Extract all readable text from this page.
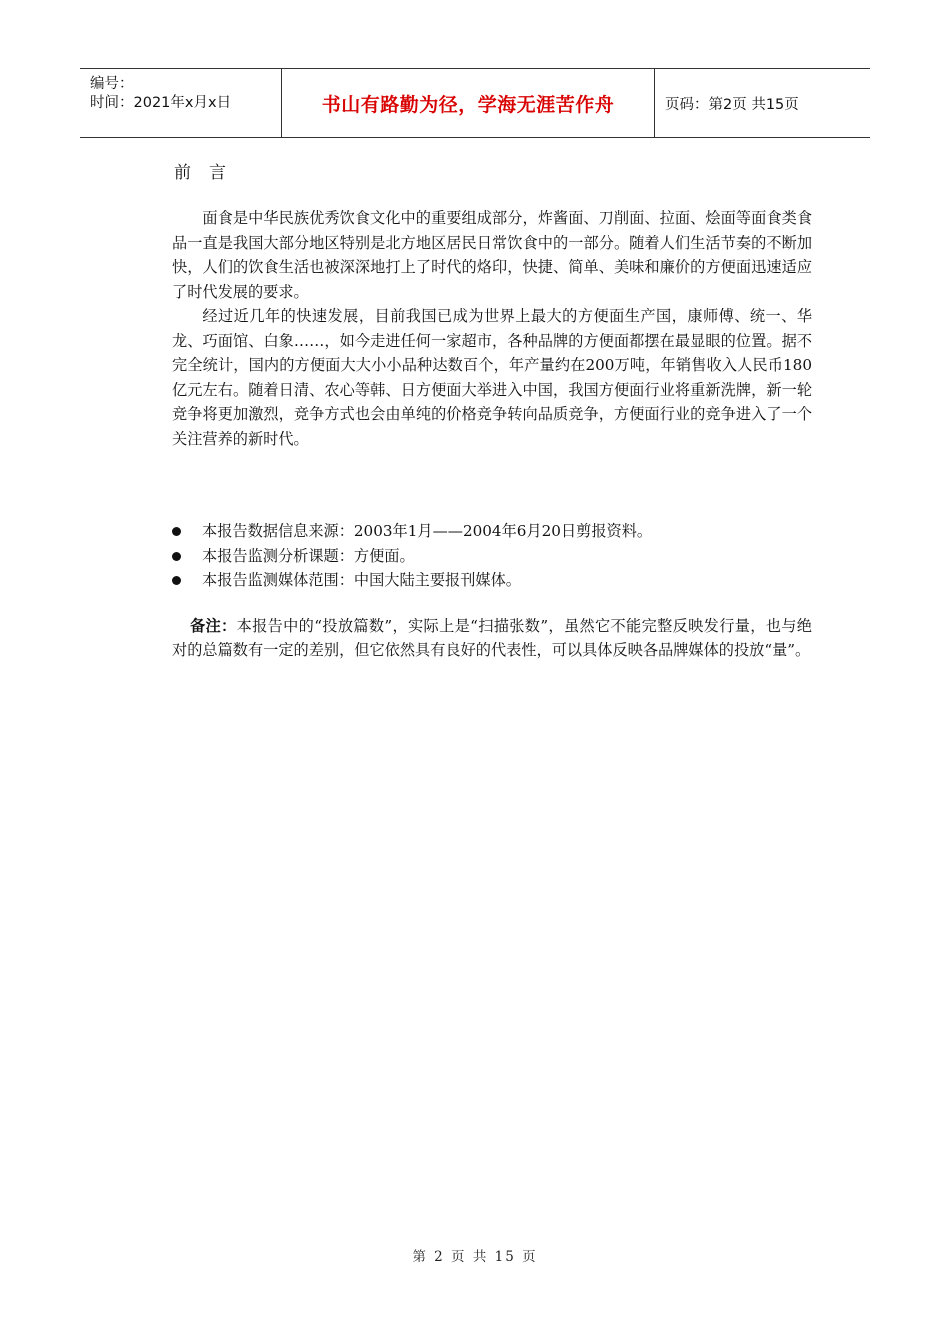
编号：
时间：2021年x月x日	书山有路勤为径，学海无涯苦作舟	页码：第2页 共15页
前言

面食是中华民族优秀饮食文化中的重要组成部分，炸酱面、刀削面、拉面、烩面等面食类食品一直是我国大部分地区特别是北方地区居民日常饮食中的一部分。随着人们生活节奏的不断加快，人们的饮食生活也被深深地打上了时代的烙印，快捷、简单、美味和廉价的方便面迅速适应了时代发展的要求。

经过近几年的快速发展，目前我国已成为世界上最大的方便面生产国，康师傅、统一、华龙、巧面馆、白象……，如今走进任何一家超市，各种品牌的方便面都摆在最显眼的位置。据不完全统计，国内的方便面大大小小品种达数百个，年产量约在200万吨，年销售收入人民币180亿元左右。随着日清、农心等韩、日方便面大举进入中国，我国方便面行业将重新洗牌，新一轮竞争将更加激烈，竞争方式也会由单纯的价格竞争转向品质竞争，方便面行业的竞争进入了一个关注营养的新时代。

本报告数据信息来源：2003年1月——2004年6月20日剪报资料。
本报告监测分析课题：方便面。
本报告监测媒体范围：中国大陆主要报刊媒体。

备注：本报告中的“投放篇数”，实际上是“扫描张数”，虽然它不能完整反映发行量，也与绝对的总篇数有一定的差别，但它依然具有良好的代表性，可以具体反映各品牌媒体的投放“量”。

第 2 页 共 15 页
